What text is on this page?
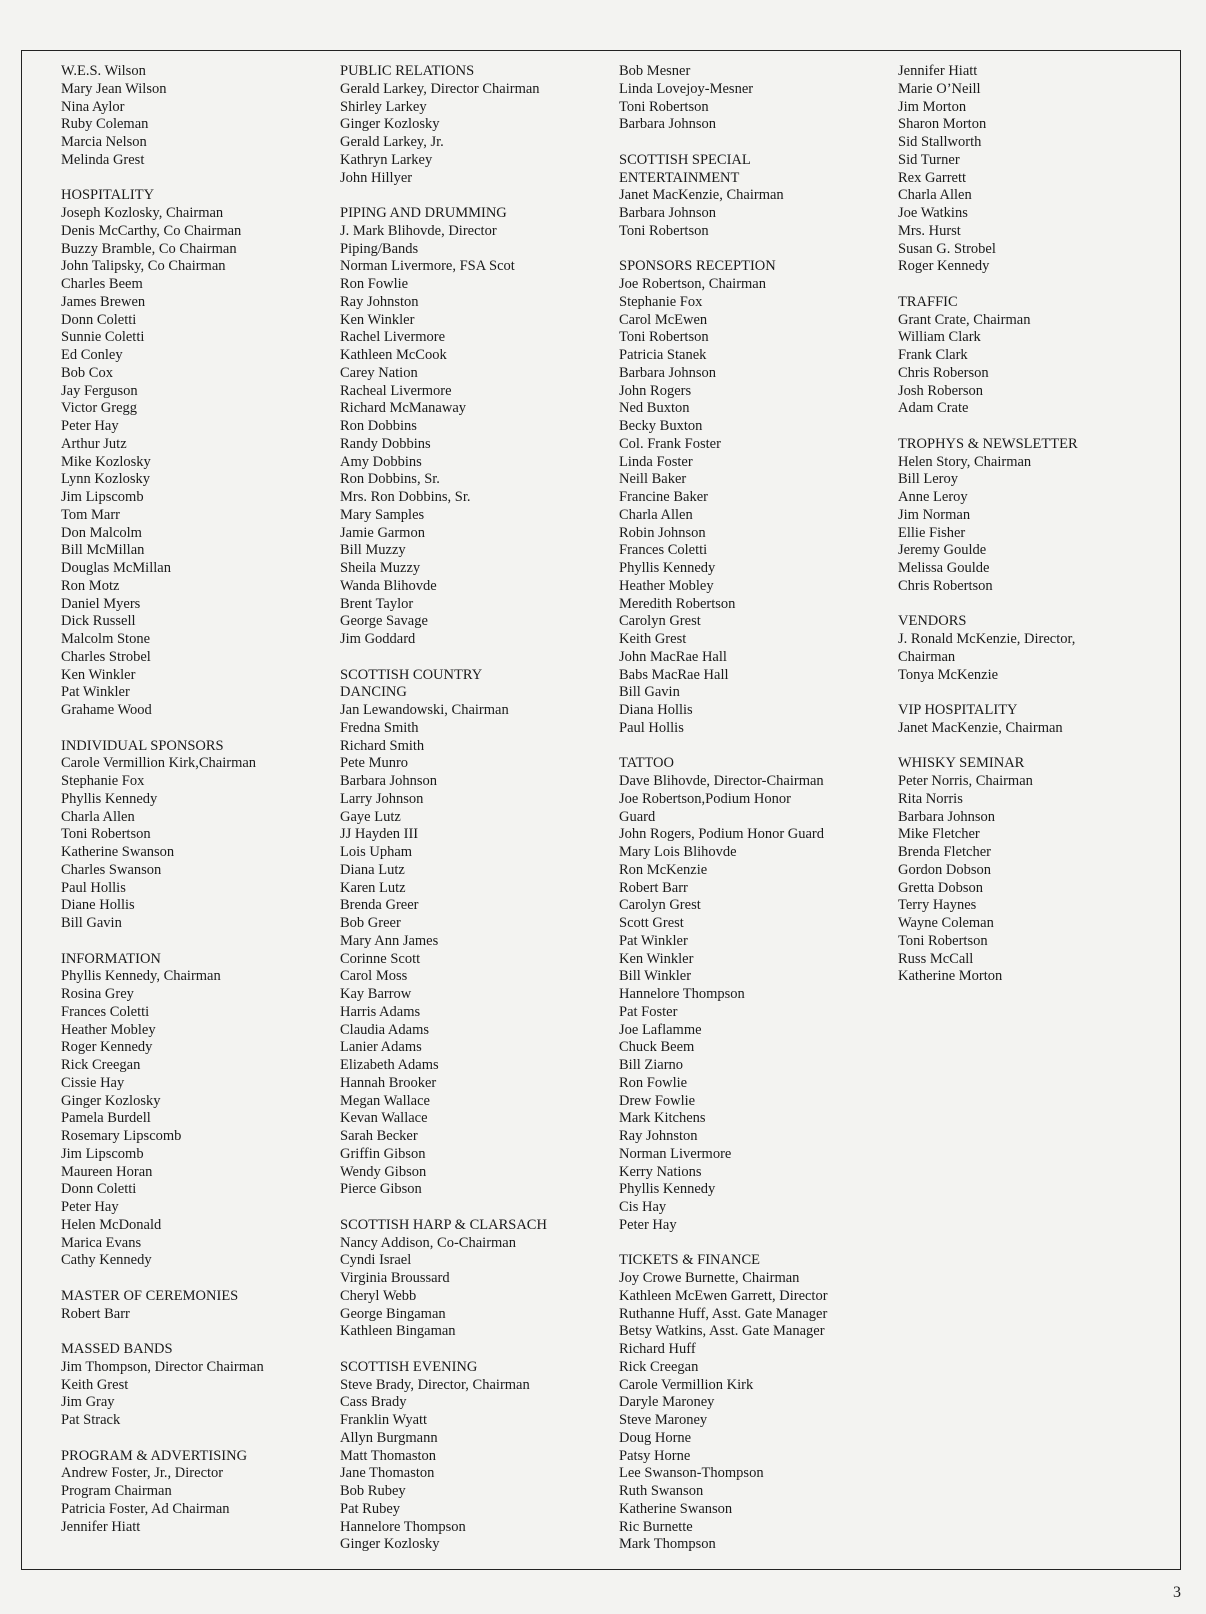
W.E.S. Wilson
Mary Jean Wilson
Nina Aylor
Ruby Coleman
Marcia Nelson
Melinda Grest
HOSPITALITY
Joseph Kozlosky, Chairman
Denis McCarthy, Co Chairman
Buzzy Bramble, Co Chairman
John Talipsky, Co Chairman
Charles Beem
James Brewen
Donn Coletti
Sunnie Coletti
Ed Conley
Bob Cox
Jay Ferguson
Victor Gregg
Peter Hay
Arthur Jutz
Mike Kozlosky
Lynn Kozlosky
Jim Lipscomb
Tom Marr
Don Malcolm
Bill McMillan
Douglas McMillan
Ron Motz
Daniel Myers
Dick Russell
Malcolm Stone
Charles Strobel
Ken Winkler
Pat Winkler
Grahame Wood
INDIVIDUAL SPONSORS
Carole Vermillion Kirk,Chairman
Stephanie Fox
Phyllis Kennedy
Charla Allen
Toni Robertson
Katherine Swanson
Charles Swanson
Paul Hollis
Diane Hollis
Bill Gavin
INFORMATION
Phyllis Kennedy, Chairman
Rosina Grey
Frances Coletti
Heather Mobley
Roger Kennedy
Rick Creegan
Cissie Hay
Ginger Kozlosky
Pamela Burdell
Rosemary Lipscomb
Jim Lipscomb
Maureen Horan
Donn Coletti
Peter Hay
Helen McDonald
Marica Evans
Cathy Kennedy
MASTER OF CEREMONIES
Robert Barr
MASSED BANDS
Jim Thompson, Director Chairman
Keith Grest
Jim Gray
Pat Strack
PROGRAM & ADVERTISING
Andrew Foster, Jr., Director
Program Chairman
Patricia Foster, Ad Chairman
Jennifer Hiatt
PUBLIC RELATIONS
Gerald Larkey, Director Chairman
Shirley Larkey
Ginger Kozlosky
Gerald Larkey, Jr.
Kathryn Larkey
John Hillyer
PIPING AND DRUMMING
J. Mark Blihovde, Director
Piping/Bands
Norman Livermore, FSA Scot
Ron Fowlie
Ray Johnston
Ken Winkler
Rachel Livermore
Kathleen McCook
Carey Nation
Racheal Livermore
Richard McManaway
Ron Dobbins
Randy Dobbins
Amy Dobbins
Ron Dobbins, Sr.
Mrs. Ron Dobbins, Sr.
Mary Samples
Jamie Garmon
Bill Muzzy
Sheila Muzzy
Wanda Blihovde
Brent Taylor
George Savage
Jim Goddard
SCOTTISH COUNTRY
DANCING
Jan Lewandowski, Chairman
Fredna Smith
Richard Smith
Pete Munro
Barbara Johnson
Larry Johnson
Gaye Lutz
JJ Hayden III
Lois Upham
Diana Lutz
Karen Lutz
Brenda Greer
Bob Greer
Mary Ann James
Corinne Scott
Carol Moss
Kay Barrow
Harris Adams
Claudia Adams
Lanier Adams
Elizabeth Adams
Hannah Brooker
Megan Wallace
Kevan Wallace
Sarah Becker
Griffin Gibson
Wendy Gibson
Pierce Gibson
SCOTTISH HARP & CLARSACH
Nancy Addison, Co-Chairman
Cyndi Israel
Virginia Broussard
Cheryl Webb
George Bingaman
Kathleen Bingaman
SCOTTISH EVENING
Steve Brady, Director, Chairman
Cass Brady
Franklin Wyatt
Allyn Burgmann
Matt Thomaston
Jane Thomaston
Bob Rubey
Pat Rubey
Hannelore Thompson
Ginger Kozlosky
Bob Mesner
Linda Lovejoy-Mesner
Toni Robertson
Barbara Johnson
SCOTTISH SPECIAL
ENTERTAINMENT
Janet MacKenzie, Chairman
Barbara Johnson
Toni Robertson
SPONSORS RECEPTION
Joe Robertson, Chairman
Stephanie Fox
Carol McEwen
Toni Robertson
Patricia Stanek
Barbara Johnson
John Rogers
Ned Buxton
Becky Buxton
Col. Frank Foster
Linda Foster
Neill Baker
Francine Baker
Charla Allen
Robin Johnson
Frances Coletti
Phyllis Kennedy
Heather Mobley
Meredith Robertson
Carolyn Grest
Keith Grest
John MacRae Hall
Babs MacRae Hall
Bill Gavin
Diana Hollis
Paul Hollis
TATTOO
Dave Blihovde, Director-Chairman
Joe Robertson,Podium Honor
Guard
John Rogers, Podium Honor Guard
Mary Lois Blihovde
Ron McKenzie
Robert Barr
Carolyn Grest
Scott Grest
Pat Winkler
Ken Winkler
Bill Winkler
Hannelore Thompson
Pat Foster
Joe Laflamme
Chuck Beem
Bill Ziarno
Ron Fowlie
Drew Fowlie
Mark Kitchens
Ray Johnston
Norman Livermore
Kerry Nations
Phyllis Kennedy
Cis Hay
Peter Hay
TICKETS & FINANCE
Joy Crowe Burnette, Chairman
Kathleen McEwen Garrett, Director
Ruthanne Huff, Asst. Gate Manager
Betsy Watkins, Asst. Gate Manager
Richard Huff
Rick Creegan
Carole Vermillion Kirk
Daryle Maroney
Steve Maroney
Doug Horne
Patsy Horne
Lee Swanson-Thompson
Ruth Swanson
Katherine Swanson
Ric Burnette
Mark Thompson
Jennifer Hiatt
Marie O’Neill
Jim Morton
Sharon Morton
Sid Stallworth
Sid Turner
Rex Garrett
Charla Allen
Joe Watkins
Mrs. Hurst
Susan G. Strobel
Roger Kennedy
TRAFFIC
Grant Crate, Chairman
William Clark
Frank Clark
Chris Roberson
Josh Roberson
Adam Crate
TROPHYS & NEWSLETTER
Helen Story, Chairman
Bill Leroy
Anne Leroy
Jim Norman
Ellie Fisher
Jeremy Goulde
Melissa Goulde
Chris Robertson
VENDORS
J. Ronald McKenzie, Director,
Chairman
Tonya McKenzie
VIP HOSPITALITY
Janet MacKenzie, Chairman
WHISKY SEMINAR
Peter Norris, Chairman
Rita Norris
Barbara Johnson
Mike Fletcher
Brenda Fletcher
Gordon Dobson
Gretta Dobson
Terry Haynes
Wayne Coleman
Toni Robertson
Russ McCall
Katherine Morton
3
